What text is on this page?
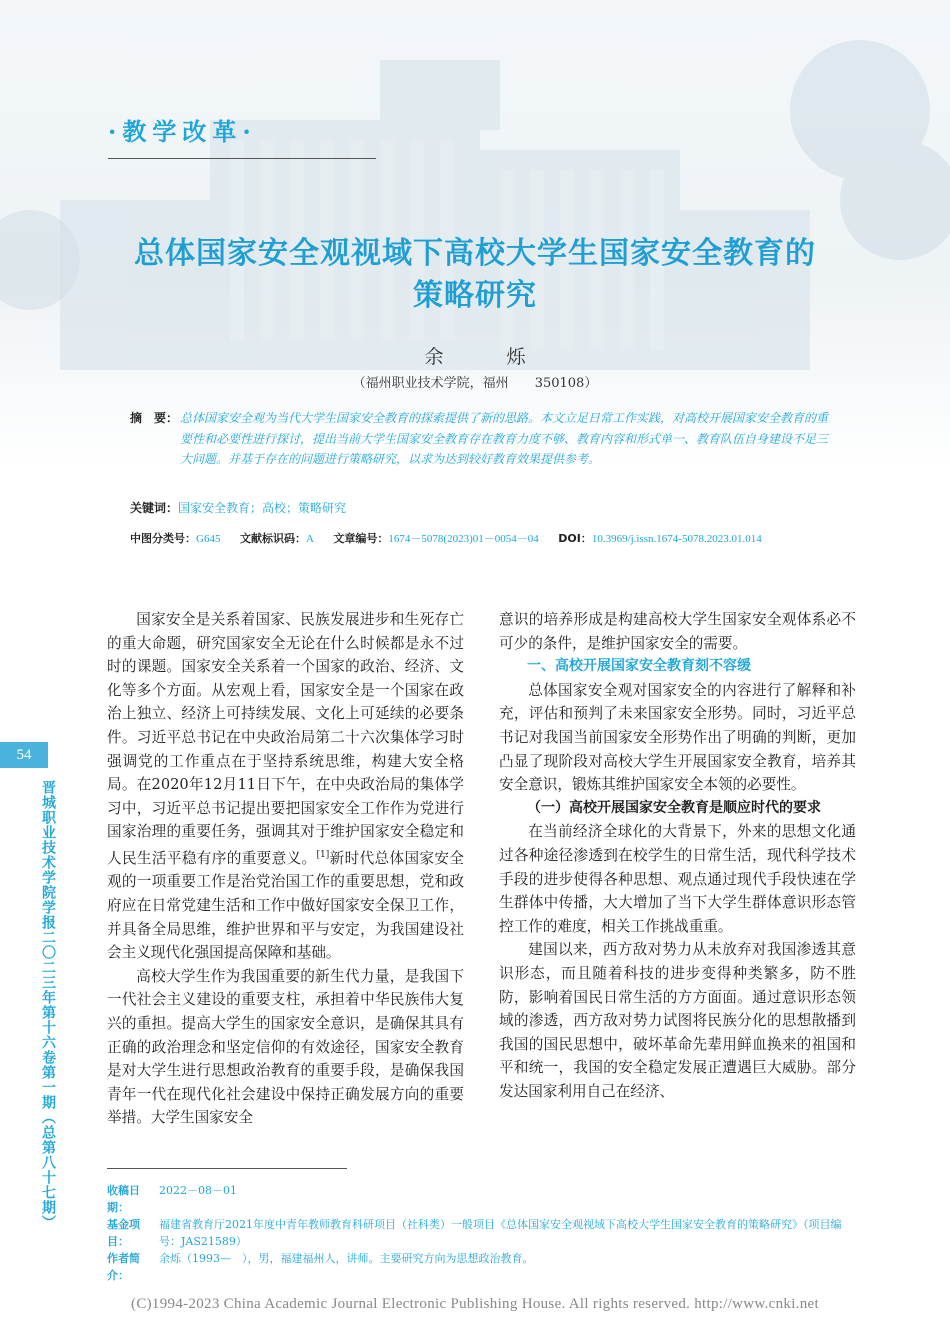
·教学改革·
总体国家安全观视域下高校大学生国家安全教育的
策略研究
余　烁
（福州职业技术学院，福州 350108）
摘　要： 总体国家安全观为当代大学生国家安全教育的探索提供了新的思路。本文立足日常工作实践，对高校开展国家安全教育的重要性和必要性进行探讨，提出当前大学生国家安全教育存在教育力度不够、教育内容和形式单一、教育队伍自身建设不足三大问题。并基于存在的问题进行策略研究，以求为达到较好教育效果提供参考。
关键词：国家安全教育；高校；策略研究
中图分类号：G645 文献标识码：A 文章编号：1674－5078(2023)01－0054－04 DOI：10.3969/j.issn.1674-5078.2023.01.014
54
晋城职业技术学院学报二〇二三年第十六卷第一期（总第八十七期）

国家安全是关系着国家、民族发展进步和生死存亡的重大命题，研究国家安全无论在什么时候都是永不过时的课题。国家安全关系着一个国家的政治、经济、文化等多个方面。从宏观上看，国家安全是一个国家在政治上独立、经济上可持续发展、文化上可延续的必要条件。习近平总书记在中央政治局第二十六次集体学习时强调党的工作重点在于坚持系统思维，构建大安全格局。在2020年12月11日下午，在中央政治局的集体学习中，习近平总书记提出要把国家安全工作作为党进行国家治理的重要任务，强调其对于维护国家安全稳定和人民生活平稳有序的重要意义。[1]新时代总体国家安全观的一项重要工作是治党治国工作的重要思想，党和政府应在日常党建生活和工作中做好国家安全保卫工作，并具备全局思维，维护世界和平与安定，为我国建设社会主义现代化强国提高保障和基础。

高校大学生作为我国重要的新生代力量，是我国下一代社会主义建设的重要支柱，承担着中华民族伟大复兴的重担。提高大学生的国家安全意识，是确保其具有正确的政治理念和坚定信仰的有效途径，国家安全教育是对大学生进行思想政治教育的重要手段，是确保我国青年一代在现代化社会建设中保持正确发展方向的重要举措。大学生国家安全

意识的培养形成是构建高校大学生国家安全观体系必不可少的条件，是维护国家安全的需要。

一、高校开展国家安全教育刻不容缓

总体国家安全观对国家安全的内容进行了解释和补充，评估和预判了未来国家安全形势。同时，习近平总书记对我国当前国家安全形势作出了明确的判断，更加凸显了现阶段对高校大学生开展国家安全教育，培养其安全意识，锻炼其维护国家安全本领的必要性。

（一）高校开展国家安全教育是顺应时代的要求

在当前经济全球化的大背景下，外来的思想文化通过各种途径渗透到在校学生的日常生活，现代科学技术手段的进步使得各种思想、观点通过现代手段快速在学生群体中传播，大大增加了当下大学生群体意识形态管控工作的难度，相关工作挑战重重。

建国以来，西方敌对势力从未放弃对我国渗透其意识形态，而且随着科技的进步变得种类繁多，防不胜防，影响着国民日常生活的方方面面。通过意识形态领域的渗透，西方敌对势力试图将民族分化的思想散播到我国的国民思想中，破坏革命先辈用鲜血换来的祖国和平和统一，我国的安全稳定发展正遭遇巨大威胁。部分发达国家利用自己在经济、

收稿日期：
2022－08－01
基金项目：
福建省教育厅2021年度中青年教师教育科研项目（社科类）一般项目《总体国家安全观视域下高校大学生国家安全教育的策略研究》（项目编号：JAS21589）
作者简介：
余烁（1993—　），男，福建福州人，讲师。主要研究方向为思想政治教育。
(C)1994-2023 China Academic Journal Electronic Publishing House. All rights reserved. http://www.cnki.net
